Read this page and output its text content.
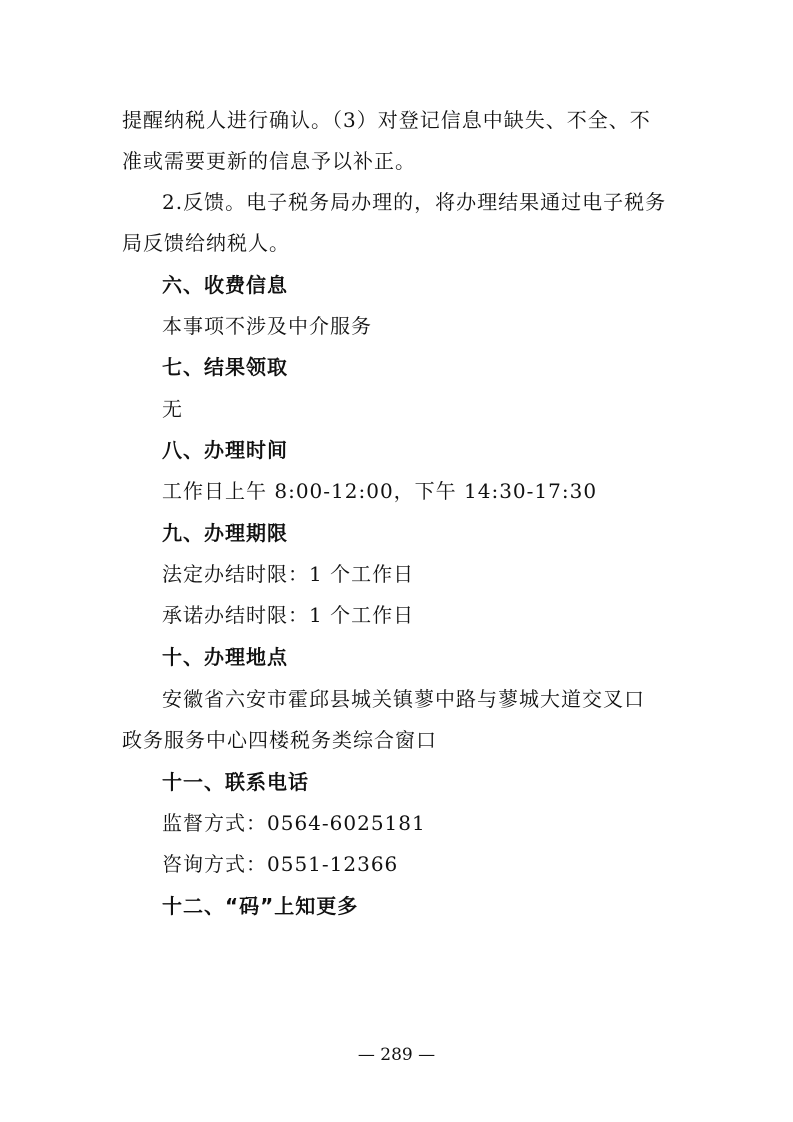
提醒纳税人进行确认。（3）对登记信息中缺失、不全、不
准或需要更新的信息予以补正。
2.反馈。电子税务局办理的，将办理结果通过电子税务
局反馈给纳税人。
六、收费信息
本事项不涉及中介服务
七、结果领取
无
八、办理时间
工作日上午 8:00-12:00，下午 14:30-17:30
九、办理期限
法定办结时限：1 个工作日
承诺办结时限：1 个工作日
十、办理地点
安徽省六安市霍邱县城关镇蓼中路与蓼城大道交叉口
政务服务中心四楼税务类综合窗口
十一、联系电话
监督方式：0564-6025181
咨询方式：0551-12366
十二、“码”上知更多
— 289 —
